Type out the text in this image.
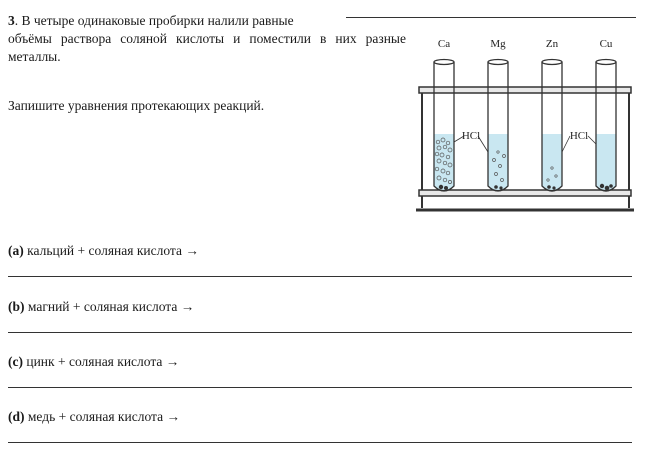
3. В четыре одинаковые пробирки налили равные
объёмы раствора соляной кислоты и поместили в них разные металлы.
Запишите уравнения протекающих реакций.
Ca	Mg	Zn	Cu
HCl	HCl
(a) кальций + соляная кислота →
(b) магний + соляная кислота →
(c) цинк + соляная кислота →
(d) медь + соляная кислота →
